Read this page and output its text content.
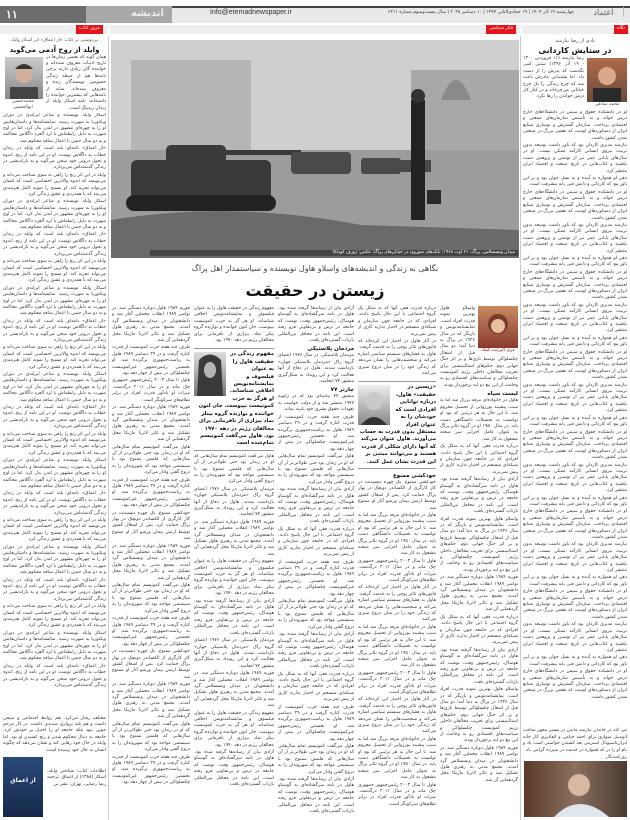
۱۱	اندیشه	Info@etemadnewspaper.ir	چهارشنبه ۱۹ آذر ۱۴۰۴ | ۱۹ جمادی‌الثانی ۱۴۴۷ | ۱۰ دسامبر ۲۰۲۵ | سال بیست‌وسوم شماره ۶۲۱۱	اعتماد
نگاه
فکر سیاسی
مرور کتاب
یادی از رضا نیازمند
در ستایش کاردانی
محمد صادقی

رضا نیازمند (۱۱ فروردین ۱۳۰۰ - ۱۹ آذر ۱۳۹۶) سنتی کمی نگذشت که پدرش را از دست داد. اما پشتیبانی مادرش باعث شد که چرخ زندگی را یک چرخ خیابانی می‌چرخاند و در کنار کار درس خواندن را رها نکرد.

او در دانشکده حقوق و سپس در دانشگاه‌های خارج درس خواند و به تأسیس سازمان‌های صنعتی و اقتصادی پرداخت. سازمان گسترش و نوسازی صنایع ایران از دستاوردهای اوست که نقشی بزرگ در صنعتی شدن کشور داشت.

نیازمند مدیری کاردان بود که باور داشت توسعه بدون تربیت نیروی انسانی کارآمد ممکن نیست. او در سال‌های پایانی عمر نیز از نوشتن و پژوهش دست نکشید و کتاب‌هایی در تاریخ صنعت و اقتصاد ایران منتشر کرد.

ذهن او همواره به آینده و به نسل جوان بود و بر این باور بود که کاردانی و دانش فنی پایه پیشرفت است.

او در دانشکده حقوق و سپس در دانشگاه‌های خارج درس خواند و به تأسیس سازمان‌های صنعتی و اقتصادی پرداخت. سازمان گسترش و نوسازی صنایع ایران از دستاوردهای اوست که نقشی بزرگ در صنعتی شدن کشور داشت.

نیازمند مدیری کاردان بود که باور داشت توسعه بدون تربیت نیروی انسانی کارآمد ممکن نیست. او در سال‌های پایانی عمر نیز از نوشتن و پژوهش دست نکشید و کتاب‌هایی در تاریخ صنعت و اقتصاد ایران منتشر کرد.

ذهن او همواره به آینده و به نسل جوان بود و بر این باور بود که کاردانی و دانش فنی پایه پیشرفت است.

او در دانشکده حقوق و سپس در دانشگاه‌های خارج درس خواند و به تأسیس سازمان‌های صنعتی و اقتصادی پرداخت. سازمان گسترش و نوسازی صنایع ایران از دستاوردهای اوست که نقشی بزرگ در صنعتی شدن کشور داشت.

نیازمند مدیری کاردان بود که باور داشت توسعه بدون تربیت نیروی انسانی کارآمد ممکن نیست. او در سال‌های پایانی عمر نیز از نوشتن و پژوهش دست نکشید و کتاب‌هایی در تاریخ صنعت و اقتصاد ایران منتشر کرد.

ذهن او همواره به آینده و به نسل جوان بود و بر این باور بود که کاردانی و دانش فنی پایه پیشرفت است.

او در دانشکده حقوق و سپس در دانشگاه‌های خارج درس خواند و به تأسیس سازمان‌های صنعتی و اقتصادی پرداخت. سازمان گسترش و نوسازی صنایع ایران از دستاوردهای اوست که نقشی بزرگ در صنعتی شدن کشور داشت.

نیازمند مدیری کاردان بود که باور داشت توسعه بدون تربیت نیروی انسانی کارآمد ممکن نیست. او در سال‌های پایانی عمر نیز از نوشتن و پژوهش دست نکشید و کتاب‌هایی در تاریخ صنعت و اقتصاد ایران منتشر کرد.

ذهن او همواره به آینده و به نسل جوان بود و بر این باور بود که کاردانی و دانش فنی پایه پیشرفت است.

او در دانشکده حقوق و سپس در دانشگاه‌های خارج درس خواند و به تأسیس سازمان‌های صنعتی و اقتصادی پرداخت. سازمان گسترش و نوسازی صنایع ایران از دستاوردهای اوست که نقشی بزرگ در صنعتی شدن کشور داشت.

نیازمند مدیری کاردان بود که باور داشت توسعه بدون تربیت نیروی انسانی کارآمد ممکن نیست. او در سال‌های پایانی عمر نیز از نوشتن و پژوهش دست نکشید و کتاب‌هایی در تاریخ صنعت و اقتصاد ایران منتشر کرد.

ذهن او همواره به آینده و به نسل جوان بود و بر این باور بود که کاردانی و دانش فنی پایه پیشرفت است.

او در دانشکده حقوق و سپس در دانشگاه‌های خارج درس خواند و به تأسیس سازمان‌های صنعتی و اقتصادی پرداخت. سازمان گسترش و نوسازی صنایع ایران از دستاوردهای اوست که نقشی بزرگ در صنعتی شدن کشور داشت.

نیازمند مدیری کاردان بود که باور داشت توسعه بدون تربیت نیروی انسانی کارآمد ممکن نیست. او در سال‌های پایانی عمر نیز از نوشتن و پژوهش دست نکشید و کتاب‌هایی در تاریخ صنعت و اقتصاد ایران منتشر کرد.

ذهن او همواره به آینده و به نسل جوان بود و بر این باور بود که کاردانی و دانش فنی پایه پیشرفت است.

او در دانشکده حقوق و سپس در دانشگاه‌های خارج درس خواند و به تأسیس سازمان‌های صنعتی و اقتصادی پرداخت. سازمان گسترش و نوسازی صنایع ایران از دستاوردهای اوست که نقشی بزرگ در صنعتی شدن کشور داشت.

نیازمند مدیری کاردان بود که باور داشت توسعه بدون تربیت نیروی انسانی کارآمد ممکن نیست. او در سال‌های پایانی عمر نیز از نوشتن و پژوهش دست نکشید و کتاب‌هایی در تاریخ صنعت و اقتصاد ایران منتشر کرد.

ذهن او همواره به آینده و به نسل جوان بود و بر این باور بود که کاردانی و دانش فنی پایه پیشرفت است.

او در دانشکده حقوق و سپس در دانشگاه‌های خارج درس خواند و به تأسیس سازمان‌های صنعتی و اقتصادی پرداخت. سازمان گسترش و نوسازی صنایع ایران از دستاوردهای اوست که نقشی بزرگ در صنعتی شدن کشور داشت.

می کند در خاندان نیازمند ماندن در مسیر مجهز ساخت اتومبیل سواری برای احمد خیامی و اتفاذیری کار خانه ایران‌ناسیونال استرینی بعد کشیدن خواستی است یاد و نام او را در که همواره در خدمت در سپرده گرامی باد.

روزنامه‌نگار
میدان ونسسلاس، پراگ، ۲۱ اوت ۱۹۶۸؛ تانک‌های شوروی در خیابان‌های پراگ؛ عکس: ژوزف کودلکا
نگاهی به زندگی و اندیشه‌های واسلاو هاول نویسنده و سیاستمدار اهل پراگ
زیستن در حقیقت
مری الیزابت کینگ

واسلاو هاول بهترین نمونه قدرت افراد است. نمایشنامه‌نویس و بازیگر که در سال ۱۹۳۶ در پراگ به دنیا آمد؛ دو سال قبل از اشغال چکسلواکی توسط نازی‌ها و بر اثر جنگ جهانی دوم. حکم‌های استالینیستی برای تخریب مخالفان داخلی رژیم کمونیست چکسلواکی و سیاست‌های اقتصادی رو به وخامت از این تیغ دو لبه برخوردار بودند.

لیست سیاه

هاول در خانواده‌ای مرفه بزرگ شد اما به سبب پیشینه بورژوایی از تحصیل محروم شد. با این حال به هر ترتیبی که بود او توانست به تحصیلات دانشگاهی دست یابد. در سال ۱۹۵۰ او در گروه تئاتر پراگ به عنوان عامل اجرایی سر صحنه مشغول به کار شد.

درباره قدرت فقر، آنها که به شکل یک گروه اجتماعی با این حال پاسخ دادند. افرادی که در جامعه چون سازمان و شبکه‌ای منسجم در اختیار ندارند کاری از پیش نمی‌برند.

آزادی بیان از رسانه‌ها گرفته شده بود. هاول در نامه سرگشاده‌ای به گوستاو هوساک، رئیس‌جمهور وقت، نوشت که جامعه در ترس و بی‌تفاوتی فرو رفته است. این نامه در محافل بین‌المللی بازتاب گسترده‌ای یافت.

واسلاو هاول بهترین نمونه قدرت افراد است. نمایشنامه‌نویس و بازیگر که در سال ۱۹۳۶ در پراگ به دنیا آمد؛ دو سال قبل از اشغال چکسلواکی توسط نازی‌ها و بر اثر جنگ جهانی دوم. حکم‌های استالینیستی برای تخریب مخالفان داخلی رژیم کمونیست چکسلواکی و سیاست‌های اقتصادی رو به وخامت از این تیغ دو لبه برخوردار بودند.

فوریه ۱۹۸۹ هاول دوباره دستگیر شد. در نوامبر ۱۹۸۹ انقلاب مخملین آغاز شد و دانشجویان در میدان ونسسلاس گرد آمدند. مجمع مدنی به رهبری هاول تشکیل شد و تئاتر لاترنا ماژیکا محل گردهمایی آن شد.

درباره قدرت فقر، آنها که به شکل یک گروه اجتماعی با این حال پاسخ دادند. افرادی که در جامعه چون سازمان و شبکه‌ای منسجم در اختیار ندارند کاری از پیش نمی‌برند.

آزادی بیان از رسانه‌ها گرفته شده بود. هاول در نامه سرگشاده‌ای به گوستاو هوساک، رئیس‌جمهور وقت، نوشت که جامعه در ترس و بی‌تفاوتی فرو رفته است. این نامه در محافل بین‌المللی بازتاب گسترده‌ای یافت.

واسلاو هاول بهترین نمونه قدرت افراد است. نمایشنامه‌نویس و بازیگر که در سال ۱۹۳۶ در پراگ به دنیا آمد؛ دو سال قبل از اشغال چکسلواکی توسط نازی‌ها و بر اثر جنگ جهانی دوم. حکم‌های استالینیستی برای تخریب مخالفان داخلی رژیم کمونیست چکسلواکی و سیاست‌های اقتصادی رو به وخامت از این تیغ دو لبه برخوردار بودند.

فوریه ۱۹۸۹ هاول دوباره دستگیر شد. در نوامبر ۱۹۸۹ انقلاب مخملین آغاز شد و دانشجویان در میدان ونسسلاس گرد آمدند. مجمع مدنی به رهبری هاول تشکیل شد و تئاتر لاترنا ماژیکا محل گردهمایی آن شد.

درباره قدرت فقر، آنها که به شکل یک گروه اجتماعی با این حال پاسخ دادند. افرادی که در جامعه چون سازمان و شبکه‌ای منسجم در اختیار ندارند کاری از پیش نمی‌برند.

در آثار هاول در اختیار این کرده‌اند که قانون‌های تئاتر پوچی را به خدمت گرفت. هاول به فشارهای سیستم سیاسی اشاره می‌کند و شخصیت‌هایی را نشان می‌دهد که زندگی خود را در میان دروغ سپری می‌کنند.

«زیستن در حقیقت» هاول، درباره توانایی افرادی است که خودشان را به عنوان افراد مستقل بدون قدرت به حساب می‌آورند. هاول عنوان می‌کند که آنها دارای شکلی از قدرت هستند و می‌توانند مبتنی بر این قدرت نشان عمل کنند.
خودکشی ممنوع

خودکشی ممنوع. یک چهره دیسیدنت در کار کارگری از الکساندر دوبچک در بهار پراگ حمایت کرد. پس از اشغال کشور توسط ارتش پیمان ورشو آثار او ممنوع شد.

هاول در خانواده‌ای مرفه بزرگ شد اما به سبب پیشینه بورژوایی از تحصیل محروم شد. با این حال به هر ترتیبی که بود او توانست به تحصیلات دانشگاهی دست یابد. در سال ۱۹۵۰ او در گروه تئاتر پراگ به عنوان عامل اجرایی سر صحنه مشغول به کار شد.

هاول تا سال ۲۰۰۳ رئیس‌جمهور جمهوری چک ماند و در سال ۲۰۱۱ درگذشت. میراث او یادآور قدرت افراد در برابر نظام‌های سرکوبگر است.

در آثار هاول در اختیار این کرده‌اند که قانون‌های تئاتر پوچی را به خدمت گرفت. هاول به فشارهای سیستم سیاسی اشاره می‌کند و شخصیت‌هایی را نشان می‌دهد که زندگی خود را در میان دروغ سپری می‌کنند.

هاول در خانواده‌ای مرفه بزرگ شد اما به سبب پیشینه بورژوایی از تحصیل محروم شد. با این حال به هر ترتیبی که بود او توانست به تحصیلات دانشگاهی دست یابد. در سال ۱۹۵۰ او در گروه تئاتر پراگ به عنوان عامل اجرایی سر صحنه مشغول به کار شد.

هاول تا سال ۲۰۰۳ رئیس‌جمهور جمهوری چک ماند و در سال ۲۰۱۱ درگذشت. میراث او یادآور قدرت افراد در برابر نظام‌های سرکوبگر است.

در آثار هاول در اختیار این کرده‌اند که قانون‌های تئاتر پوچی را به خدمت گرفت. هاول به فشارهای سیستم سیاسی اشاره می‌کند و شخصیت‌هایی را نشان می‌دهد که زندگی خود را در میان دروغ سپری می‌کنند.

هاول در خانواده‌ای مرفه بزرگ شد اما به سبب پیشینه بورژوایی از تحصیل محروم شد. با این حال به هر ترتیبی که بود او توانست به تحصیلات دانشگاهی دست یابد. در سال ۱۹۵۰ او در گروه تئاتر پراگ به عنوان عامل اجرایی سر صحنه مشغول به کار شد.

هاول تا سال ۲۰۰۳ رئیس‌جمهور جمهوری چک ماند و در سال ۲۰۱۱ درگذشت. میراث او یادآور قدرت افراد در برابر نظام‌های سرکوبگر است.

آزادی بیان از رسانه‌ها گرفته شده بود. هاول در نامه سرگشاده‌ای به گوستاو هوساک، رئیس‌جمهور وقت، نوشت که جامعه در ترس و بی‌تفاوتی فرو رفته است. این نامه در محافل بین‌المللی بازتاب گسترده‌ای یافت.

مردمان پلاستیکی

مردمان پلاستیکی. در سال ۱۹۷۶ اعضای گروه راک «مردمان پلاستیکی جهان» بازداشت شدند. هاول در دفاع از آنها فعالیت کرد و این رویداد به شکل‌گیری منشور ۷۷ انجامید.

چارتر ۷۷

منشور ۷۷ بیانیه‌ای بود که در ژانویه ۱۹۷۷ منتشر شد و از دولت خواست به تعهدات حقوق بشری خود پایبند بماند.

ظرف چند هفته حزب کمونیست از قدرت کناره گرفت و در ۲۹ دسامبر ۱۹۸۹ هاول به ریاست‌جمهوری برگزیده شد. او نخستین رئیس‌جمهور غیرکمونیست چکسلواکی در بیش از چهار دهه بود.

هاول می‌گفت کمونیسم تمام سال‌هایی که او در زندان بود حتی طولانی‌تر از آن سال‌هایی که قلمش ممنوع بود با سیستمی مواجه بود که شهروندان را به دروغ گفتن وادار می‌کرد.

آزادی بیان از رسانه‌ها گرفته شده بود. هاول در نامه سرگشاده‌ای به گوستاو هوساک، رئیس‌جمهور وقت، نوشت که جامعه در ترس و بی‌تفاوتی فرو رفته است. این نامه در محافل بین‌المللی بازتاب گسترده‌ای یافت.

درباره قدرت فقر، آنها که به شکل یک گروه اجتماعی با این حال پاسخ دادند. افرادی که در جامعه چون سازمان و شبکه‌ای منسجم در اختیار ندارند کاری از پیش نمی‌برند.

ظرف چند هفته حزب کمونیست از قدرت کناره گرفت و در ۲۹ دسامبر ۱۹۸۹ هاول به ریاست‌جمهوری برگزیده شد. او نخستین رئیس‌جمهور غیرکمونیست چکسلواکی در بیش از چهار دهه بود.

هاول می‌گفت کمونیسم تمام سال‌هایی که او در زندان بود حتی طولانی‌تر از آن سال‌هایی که قلمش ممنوع بود با سیستمی مواجه بود که شهروندان را به دروغ گفتن وادار می‌کرد.

آزادی بیان از رسانه‌ها گرفته شده بود. هاول در نامه سرگشاده‌ای به گوستاو هوساک، رئیس‌جمهور وقت، نوشت که جامعه در ترس و بی‌تفاوتی فرو رفته است. این نامه در محافل بین‌المللی بازتاب گسترده‌ای یافت.

درباره قدرت فقر، آنها که به شکل یک گروه اجتماعی با این حال پاسخ دادند. افرادی که در جامعه چون سازمان و شبکه‌ای منسجم در اختیار ندارند کاری از پیش نمی‌برند.

ظرف چند هفته حزب کمونیست از قدرت کناره گرفت و در ۲۹ دسامبر ۱۹۸۹ هاول به ریاست‌جمهوری برگزیده شد. او نخستین رئیس‌جمهور غیرکمونیست چکسلواکی در بیش از چهار دهه بود.

هاول می‌گفت کمونیسم تمام سال‌هایی که او در زندان بود حتی طولانی‌تر از آن سال‌هایی که قلمش ممنوع بود با سیستمی مواجه بود که شهروندان را به دروغ گفتن وادار می‌کرد.

آزادی بیان از رسانه‌ها گرفته شده بود. هاول در نامه سرگشاده‌ای به گوستاو هوساک، رئیس‌جمهور وقت، نوشت که جامعه در ترس و بی‌تفاوتی فرو رفته است. این نامه در محافل بین‌المللی بازتاب گسترده‌ای یافت.

مفهوم زندگی در حقیقت هاول را به عنوان فیلسوف و نمایشنامه‌نویس اخلاقی شناساند. او هر گز به حزب کمونیست نپیوست. جان لنون خواننده و نوازنده گروه بیتلز نماد بیزاری از نافرمانی برای مخالفان رژیم در دهه ۱۹۷۰ بود.

مفهوم زندگی در حقیقت هاول را به عنوان فیلسوف و نمایشنامه‌نویس اخلاقی شناساند. او هرگز به حزب کمونیست نپیوست. جان لنون خواننده و نوازنده گروه بیتلز نماد بیزاری از نافرمانی برای مخالفان رژیم در دهه ۱۹۷۰ بود. هاول می‌گفت کمونیسم تمام‌شده است

هاول می‌گفت کمونیسم تمام سال‌هایی که او در زندان بود حتی طولانی‌تر از آن سال‌هایی که قلمش ممنوع بود با سیستمی مواجه بود که شهروندان را به دروغ گفتن وادار می‌کرد.

مردمان پلاستیکی. در سال ۱۹۷۶ اعضای گروه راک «مردمان پلاستیکی جهان» بازداشت شدند. هاول در دفاع از آنها فعالیت کرد و این رویداد به شکل‌گیری منشور ۷۷ انجامید.

فوریه ۱۹۸۹ هاول دوباره دستگیر شد. در نوامبر ۱۹۸۹ انقلاب مخملین آغاز شد و دانشجویان در میدان ونسسلاس گرد آمدند. مجمع مدنی به رهبری هاول تشکیل شد و تئاتر لاترنا ماژیکا محل گردهمایی آن شد.

مفهوم زندگی در حقیقت هاول را به عنوان فیلسوف و نمایشنامه‌نویس اخلاقی شناساند. او هر گز به حزب کمونیست نپیوست. جان لنون خواننده و نوازنده گروه بیتلز نماد بیزاری از نافرمانی برای مخالفان رژیم در دهه ۱۹۷۰ بود.

آزادی بیان از رسانه‌ها گرفته شده بود. هاول در نامه سرگشاده‌ای به گوستاو هوساک، رئیس‌جمهور وقت، نوشت که جامعه در ترس و بی‌تفاوتی فرو رفته است. این نامه در محافل بین‌المللی بازتاب گسترده‌ای یافت.

مردمان پلاستیکی. در سال ۱۹۷۶ اعضای گروه راک «مردمان پلاستیکی جهان» بازداشت شدند. هاول در دفاع از آنها فعالیت کرد و این رویداد به شکل‌گیری منشور ۷۷ انجامید.

فوریه ۱۹۸۹ هاول دوباره دستگیر شد. در نوامبر ۱۹۸۹ انقلاب مخملین آغاز شد و دانشجویان در میدان ونسسلاس گرد آمدند. مجمع مدنی به رهبری هاول تشکیل شد و تئاتر لاترنا ماژیکا محل گردهمایی آن شد.

مفهوم زندگی در حقیقت هاول را به عنوان فیلسوف و نمایشنامه‌نویس اخلاقی شناساند. او هر گز به حزب کمونیست نپیوست. جان لنون خواننده و نوازنده گروه بیتلز نماد بیزاری از نافرمانی برای مخالفان رژیم در دهه ۱۹۷۰ بود.

آزادی بیان از رسانه‌ها گرفته شده بود. هاول در نامه سرگشاده‌ای به گوستاو هوساک، رئیس‌جمهور وقت، نوشت که جامعه در ترس و بی‌تفاوتی فرو رفته است. این نامه در محافل بین‌المللی بازتاب گسترده‌ای یافت.

فوریه ۱۹۸۹ هاول دوباره دستگیر شد. در نوامبر ۱۹۸۹ انقلاب مخملین آغاز شد و دانشجویان در میدان ونسسلاس گرد آمدند. مجمع مدنی به رهبری هاول تشکیل شد و تئاتر لاترنا ماژیکا محل گردهمایی آن شد.

ظرف چند هفته حزب کمونیست از قدرت کناره گرفت و در ۲۹ دسامبر ۱۹۸۹ هاول به ریاست‌جمهوری برگزیده شد. او نخستین رئیس‌جمهور غیرکمونیست چکسلواکی در بیش از چهار دهه بود.

هاول تا سال ۲۰۰۳ رئیس‌جمهور جمهوری چک ماند و در سال ۲۰۱۱ درگذشت. میراث او یادآور قدرت افراد در برابر نظام‌های سرکوبگر است.

فوریه ۱۹۸۹ هاول دوباره دستگیر شد. در نوامبر ۱۹۸۹ انقلاب مخملین آغاز شد و دانشجویان در میدان ونسسلاس گرد آمدند. مجمع مدنی به رهبری هاول تشکیل شد و تئاتر لاترنا ماژیکا محل گردهمایی آن شد.

هاول می‌گفت کمونیسم تمام سال‌هایی که او در زندان بود حتی طولانی‌تر از آن سال‌هایی که قلمش ممنوع بود با سیستمی مواجه بود که شهروندان را به دروغ گفتن وادار می‌کرد.

ظرف چند هفته حزب کمونیست از قدرت کناره گرفت و در ۲۹ دسامبر ۱۹۸۹ هاول به ریاست‌جمهوری برگزیده شد. او نخستین رئیس‌جمهور غیرکمونیست چکسلواکی در بیش از چهار دهه بود.

خودکشی ممنوع. یک چهره دیسیدنت در کار کارگری از الکساندر دوبچک در بهار پراگ حمایت کرد. پس از اشغال کشور توسط ارتش پیمان ورشو آثار او ممنوع شد.

فوریه ۱۹۸۹ هاول دوباره دستگیر شد. در نوامبر ۱۹۸۹ انقلاب مخملین آغاز شد و دانشجویان در میدان ونسسلاس گرد آمدند. مجمع مدنی به رهبری هاول تشکیل شد و تئاتر لاترنا ماژیکا محل گردهمایی آن شد.

هاول می‌گفت کمونیسم تمام سال‌هایی که او در زندان بود حتی طولانی‌تر از آن سال‌هایی که قلمش ممنوع بود با سیستمی مواجه بود که شهروندان را به دروغ گفتن وادار می‌کرد.

ظرف چند هفته حزب کمونیست از قدرت کناره گرفت و در ۲۹ دسامبر ۱۹۸۹ هاول به ریاست‌جمهوری برگزیده شد. او نخستین رئیس‌جمهور غیرکمونیست چکسلواکی در بیش از چهار دهه بود.

خودکشی ممنوع. یک چهره دیسیدنت در کار کارگری از الکساندر دوبچک در بهار پراگ حمایت کرد. پس از اشغال کشور توسط ارتش پیمان ورشو آثار او ممنوع شد.

فوریه ۱۹۸۹ هاول دوباره دستگیر شد. در نوامبر ۱۹۸۹ انقلاب مخملین آغاز شد و دانشجویان در میدان ونسسلاس گرد آمدند. مجمع مدنی به رهبری هاول تشکیل شد و تئاتر لاترنا ماژیکا محل گردهمایی آن شد.

هاول می‌گفت کمونیسم تمام سال‌هایی که او در زندان بود حتی طولانی‌تر از آن سال‌هایی که قلمش ممنوع بود با سیستمی مواجه بود که شهروندان را به دروغ گفتن وادار می‌کرد.

ظرف چند هفته حزب کمونیست از قدرت کناره گرفت و در ۲۹ دسامبر ۱۹۸۹ هاول به ریاست‌جمهوری برگزیده شد. او نخستین رئیس‌جمهور غیرکمونیست چکسلواکی در بیش از چهار دهه بود.

پی‌نوشتی بر کتاب «از اعماق» اثر اسکار وایلد
وایلد از روح آدمی می‌گوید
محمدحسین ابوالحسنی

همان گونه که بعضی رمان‌ها در تاریخ ادبیات معروف شده‌اند و خواننده گان زیادی دارند برخی نامه‌ها هم از حیطه زندگی خصوصی نویسندگان زنده و معروف شده‌اند. شاید از نامه‌هایی که بیشترین خواننده را داشته‌اند، نامه اسکار وایلد از زندان ریدینگ است.

اسکار وایلد نویسنده و شاعر ایرلندی در دوران ویکتوریا به شهرت رسید. نمایشنامه‌ها و داستان‌هایش او را به چهره‌ای مشهور در لندن بدل کرد. اما در اوج شهرت به دلیل رابطه‌اش با لرد آلفرد داگلاس محاکمه و به دو سال حبس با اعمال شاقه محکوم شد.

«از اعماق» نامه‌ای بلند است که وایلد در زندان خطاب به داگلاس نوشت. او در این نامه از رنج، اندوه و تحول درونی خود سخن می‌گوید و به بازاندیشی در زندگی گذشته‌اش می‌پردازد.

وایلد در این اثر رنج را راهی به سوی شناخت می‌داند و می‌نویسد که اندوه والاترین احساسی است که انسان می‌تواند تجربه کند. او مسیح را نمونه کامل هنرمندی می‌بیند که با همدردی و عشق زندگی کرد.

اسکار وایلد نویسنده و شاعر ایرلندی در دوران ویکتوریا به شهرت رسید. نمایشنامه‌ها و داستان‌هایش او را به چهره‌ای مشهور در لندن بدل کرد. اما در اوج شهرت به دلیل رابطه‌اش با لرد آلفرد داگلاس محاکمه و به دو سال حبس با اعمال شاقه محکوم شد.

«از اعماق» نامه‌ای بلند است که وایلد در زندان خطاب به داگلاس نوشت. او در این نامه از رنج، اندوه و تحول درونی خود سخن می‌گوید و به بازاندیشی در زندگی گذشته‌اش می‌پردازد.

وایلد در این اثر رنج را راهی به سوی شناخت می‌داند و می‌نویسد که اندوه والاترین احساسی است که انسان می‌تواند تجربه کند. او مسیح را نمونه کامل هنرمندی می‌بیند که با همدردی و عشق زندگی کرد.

اسکار وایلد نویسنده و شاعر ایرلندی در دوران ویکتوریا به شهرت رسید. نمایشنامه‌ها و داستان‌هایش او را به چهره‌ای مشهور در لندن بدل کرد. اما در اوج شهرت به دلیل رابطه‌اش با لرد آلفرد داگلاس محاکمه و به دو سال حبس با اعمال شاقه محکوم شد.

«از اعماق» نامه‌ای بلند است که وایلد در زندان خطاب به داگلاس نوشت. او در این نامه از رنج، اندوه و تحول درونی خود سخن می‌گوید و به بازاندیشی در زندگی گذشته‌اش می‌پردازد.

وایلد در این اثر رنج را راهی به سوی شناخت می‌داند و می‌نویسد که اندوه والاترین احساسی است که انسان می‌تواند تجربه کند. او مسیح را نمونه کامل هنرمندی می‌بیند که با همدردی و عشق زندگی کرد.

اسکار وایلد نویسنده و شاعر ایرلندی در دوران ویکتوریا به شهرت رسید. نمایشنامه‌ها و داستان‌هایش او را به چهره‌ای مشهور در لندن بدل کرد. اما در اوج شهرت به دلیل رابطه‌اش با لرد آلفرد داگلاس محاکمه و به دو سال حبس با اعمال شاقه محکوم شد.

«از اعماق» نامه‌ای بلند است که وایلد در زندان خطاب به داگلاس نوشت. او در این نامه از رنج، اندوه و تحول درونی خود سخن می‌گوید و به بازاندیشی در زندگی گذشته‌اش می‌پردازد.

وایلد در این اثر رنج را راهی به سوی شناخت می‌داند و می‌نویسد که اندوه والاترین احساسی است که انسان می‌تواند تجربه کند. او مسیح را نمونه کامل هنرمندی می‌بیند که با همدردی و عشق زندگی کرد.

اسکار وایلد نویسنده و شاعر ایرلندی در دوران ویکتوریا به شهرت رسید. نمایشنامه‌ها و داستان‌هایش او را به چهره‌ای مشهور در لندن بدل کرد. اما در اوج شهرت به دلیل رابطه‌اش با لرد آلفرد داگلاس محاکمه و به دو سال حبس با اعمال شاقه محکوم شد.

«از اعماق» نامه‌ای بلند است که وایلد در زندان خطاب به داگلاس نوشت. او در این نامه از رنج، اندوه و تحول درونی خود سخن می‌گوید و به بازاندیشی در زندگی گذشته‌اش می‌پردازد.

وایلد در این اثر رنج را راهی به سوی شناخت می‌داند و می‌نویسد که اندوه والاترین احساسی است که انسان می‌تواند تجربه کند. او مسیح را نمونه کامل هنرمندی می‌بیند که با همدردی و عشق زندگی کرد.

اسکار وایلد نویسنده و شاعر ایرلندی در دوران ویکتوریا به شهرت رسید. نمایشنامه‌ها و داستان‌هایش او را به چهره‌ای مشهور در لندن بدل کرد. اما در اوج شهرت به دلیل رابطه‌اش با لرد آلفرد داگلاس محاکمه و به دو سال حبس با اعمال شاقه محکوم شد.

«از اعماق» نامه‌ای بلند است که وایلد در زندان خطاب به داگلاس نوشت. او در این نامه از رنج، اندوه و تحول درونی خود سخن می‌گوید و به بازاندیشی در زندگی گذشته‌اش می‌پردازد.

وایلد در این اثر رنج را راهی به سوی شناخت می‌داند و می‌نویسد که اندوه والاترین احساسی است که انسان می‌تواند تجربه کند. او مسیح را نمونه کامل هنرمندی می‌بیند که با همدردی و عشق زندگی کرد.

اسکار وایلد نویسنده و شاعر ایرلندی در دوران ویکتوریا به شهرت رسید. نمایشنامه‌ها و داستان‌هایش او را به چهره‌ای مشهور در لندن بدل کرد. اما در اوج شهرت به دلیل رابطه‌اش با لرد آلفرد داگلاس محاکمه و به دو سال حبس با اعمال شاقه محکوم شد.

«از اعماق» نامه‌ای بلند است که وایلد در زندان خطاب به داگلاس نوشت. او در این نامه از رنج، اندوه و تحول درونی خود سخن می‌گوید و به بازاندیشی در زندگی گذشته‌اش می‌پردازد.

مختلف رفتار می‌کرد. هم روابط اجتماعی و سیعی داشت و هم بلند پروازی شدیدی داشت. در کار مرحم جویی نبود بلکه جامعه او را اختیار بر خودش کرد. جامعه به دنبال محکوم شدن و رنج کشیدن او بود. اما وایلد در حال خود رهایی کند و نشان می‌دهد که چگونه انسان به حال خود رسیده است.

از اعماق

اطلاعات کتاب: شناختی وایلد، اسکار (۱۳۸۸) از اعماق، ترجمه رضا رضایی، تهران: نشر نی
